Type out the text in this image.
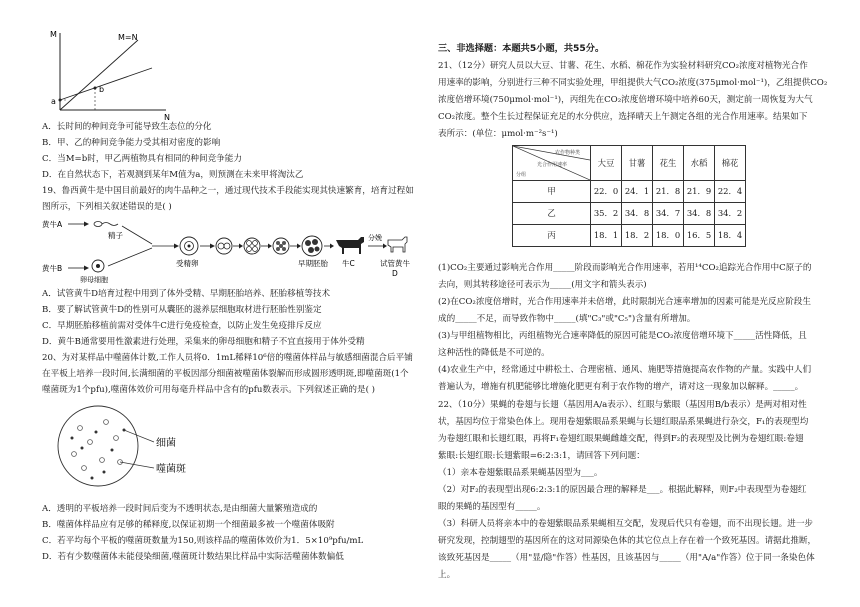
M
N
M=N
a
b
A．长时间的种间竞争可能导致生态位的分化
B．甲、乙的种间竞争能力受其相对密度的影响
C．当M=b时，甲乙两植物具有相同的种间竞争能力
D．在自然状态下，若观测到某年M值为a，则预测在未来甲将淘汰乙
19、鲁西黄牛是中国目前最好的肉牛品种之一，通过现代技术手段能实现其快速繁育，培育过程如
图所示，下列相关叙述错误的是( )
黄牛A
黄牛B
精子
卵母细胞
受精卵	早期胚胎 牛C
分娩
试管黄牛
D
A．试管黄牛D培育过程中用到了体外受精、早期胚胎培养、胚胎移植等技术
B．要了解试管黄牛D的性别可从囊胚的滋养层细胞取材进行胚胎性别鉴定
C．早期胚胎移植前需对受体牛C进行免疫检查，以防止发生免疫排斥反应
D．黄牛B通常要用性激素进行处理，采集来的卵母细胞和精子不宜直接用于体外受精
20、为对某样品中噬菌体计数,工作人员将0．1mL稀释10⁶倍的噬菌体样品与敏感细菌混合后平铺
在平板上培养一段时间,长满细菌的平板因部分细菌被噬菌体裂解而形成圆形透明斑,即噬菌斑(1个
噬菌斑为1个pfu),噬菌体效价可用每毫升样品中含有的pfu数表示。下列叙述正确的是( )
细菌
噬菌斑
A．透明的平板培养一段时间后变为不透明状态,是由细菌大量繁殖造成的
B．噬菌体样品应有足够的稀释度,以保证初期一个细菌最多被一个噬菌体吸附
C．若平均每个平板的噬菌斑数量为150,则该样品的噬菌体效价为1．5×10⁹pfu/mL
D．若有少数噬菌体未能侵染细菌,噬菌斑计数结果比样品中实际活噬菌体数偏低
三、非选择题：本题共5小题，共55分。
21、（12分）研究人员以大豆、甘薯、花生、水稻、棉花作为实验材料研究CO₂浓度对植物光合作
用速率的影响，分别进行三种不同实验处理，甲组提供大气CO₂浓度(375μmol·mol⁻¹)，乙组提供CO₂
浓度倍增环境(750μmol·mol⁻¹)，丙组先在CO₂浓度倍增环境中培养60天，测定前一周恢复为大气
CO₂浓度。整个生长过程保证充足的水分供应，选择晴天上午测定各组的光合作用速率。结果如下
表所示：(单位：μmol·m⁻²s⁻¹)
农作物种类
光合作用速率
分组	大豆	甘薯	花生	水稻	棉花
甲	22．0	24．1	21．8	21．9	22．4
乙	35．2	34．8	34．7	34．8	34．2
丙	18．1	18．2	18．0	16．5	18．4
(1)CO₂主要通过影响光合作用_____阶段而影响光合作用速率，若用¹⁴CO₂追踪光合作用中C原子的
去向，则其转移途径可表示为_____(用文字和箭头表示)
(2)在CO₂浓度倍增时，光合作用速率并未倍增，此时限制光合速率增加的因素可能是光反应阶段生
成的_____不足，而导致作物中_____(填"C₃"或"C₅")含量有所增加。
(3)与甲组植物相比，丙组植物光合速率降低的原因可能是CO₂浓度倍增环境下_____活性降低，且
这种活性的降低是不可逆的。
(4)农业生产中，经常通过中耕松土、合理密植、通风、施肥等措施提高农作物的产量。实践中人们
普遍认为，增施有机肥能够比增施化肥更有利于农作物的增产，请对这一现象加以解释。_____。
22、（10分）果蝇的卷翅与长翅（基因用A/a表示）、红眼与紫眼（基因用B/b表示）是两对相对性
状，基因均位于常染色体上。现用卷翅紫眼品系果蝇与长翅红眼品系果蝇进行杂交，F₁的表现型均
为卷翅红眼和长翅红眼，再将F₁卷翅红眼果蝇雌雄交配，得到F₂的表现型及比例为卷翅红眼:卷翅
紫眼:长翅红眼:长翅紫眼=6:2:3:1，请回答下列问题：
（1）亲本卷翅紫眼品系果蝇基因型为___。
（2）对F₂的表现型出现6:2:3:1的原因最合理的解释是___。根据此解释，则F₂中表现型为卷翅红
眼的果蝇的基因型有_____。
（3）科研人员将亲本中的卷翅紫眼品系果蝇相互交配，发现后代只有卷翅，而不出现长翅。进一步
研究发现，控制翅型的基因所在的这对同源染色体的其它位点上存在着一个致死基因。请据此推断，
该致死基因是_____（用"显/隐"作答）性基因，且该基因与_____（用"A/a"作答）位于同一条染色体
上。
